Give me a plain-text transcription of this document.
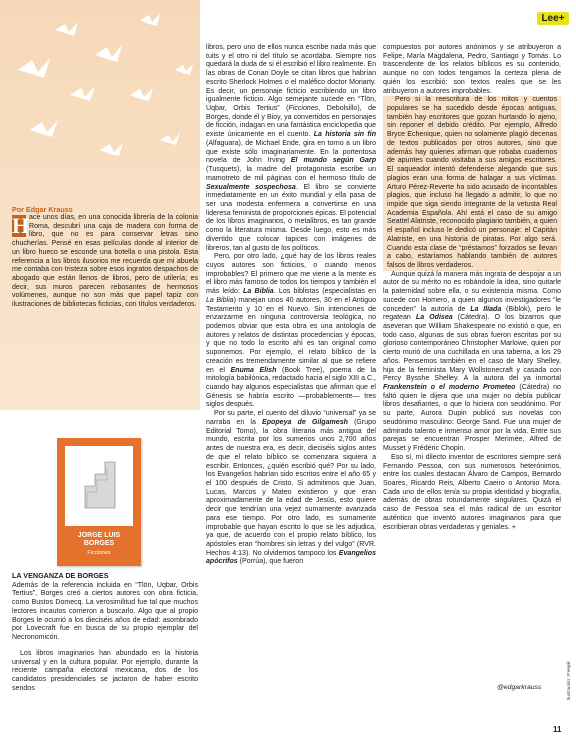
Lee+
Por Edgar Krauss

H ace unos días, en una conocida librería de la colonia Roma, descubrí una caja de madera con forma de libro, que no es para conservar letras sino chucherías. Pensé en esas películas donde al interior de un libro hueco se esconde una botella o una pistola. Esta referencia a los libros ilusorios me recuerda que mi abuela me contaba con tristeza sobre esos ingratos despachos de abogado que están llenos de libros, pero de utilería; es decir, sus muros parecen rebosantes de hermosos volúmenes, aunque no son más que papel tapiz con ilustraciones de bibliotecas ficticias, con títulos verdaderos.

JORGE LUIS BORGES
Ficciones
LA VENGANZA DE BORGES

Además de la referencia incluida en “Tlön, Uqbar, Orbis Tertius”, Borges creó a ciertos autores con obra ficticia, como Bustos Domecq. La verosimilitud fue tal que muchos lectores incautos corrieron a buscarlo. Algo que al propio Borges le ocurrió a los dieciséis años de edad: asombrado por Lovecraft fue en busca de su propio ejemplar del Necronomicón.

Los libros imaginarios han abundado en la historia universal y en la cultura popular. Por ejemplo, durante la reciente campaña electoral mexicana, dos de los candidatos presidenciales se jactaron de haber escrito sendos

libros, pero uno de ellos nunca escribe nada más que tuits y el otro ni del título se acordaba. Siempre nos quedará la duda de si él escribió el libro realmente. En las obras de Conan Doyle se citan libros que habrían escrito Sherlock Holmes o el maléfico doctor Moriarty. Es decir, un personaje ficticio escribiendo un libro igualmente ficticio. Algo semejante sucede en “Tlön, Uqbar, Orbis Tertius” (Ficciones, Debolsillo), de Borges, donde él y Bioy, ya convertidos en personajes de ficción, indagan en una fantástica enciclopedia que existe únicamente en el cuento. La historia sin fin (Alfaguara), de Michael Ende, gira en torno a un libro que existe sólo imaginariamente. En la portentosa novela de John Irving El mundo según Garp (Tusquets), la madre del protagonista escribe un mamotreto de mil páginas con el hermoso título de Sexualmente sospechosa. El libro se convierte inmediatamente en un éxito mundial y ella pasa de ser una modesta enfermera a convertirse en una lideresa feminista de proporciones épicas. El potencial de los libros imaginarios, o metalibros, es tan grande como la literatura misma. Desde luego, esto es más divertido que colocar tapices con imágenes de libreros, tan al gusto de los políticos.

Pero, por otro lado, ¿qué hay de los libros reales cuyos autores son ficticios, o cuando menos improbables? El primero que me viene a la mente es el libro más famoso de todos los tiempos y también el más leído: La Biblia. Los biblistas (especialistas en La Biblia) manejan unos 40 autores, 30 en el Antiguo Testamento y 10 en el Nuevo. Sin intenciones de enzarzarme en ninguna controversia teológica, no podemos obviar que esta obra es una antología de autores y relatos de distintas procedencias y épocas, y que no todo lo escrito ahí es tan original como suponemos. Por ejemplo, el relato bíblico de la creación es tremendamente similar al que se refiere en el Enuma Elish (Book Tree), poema de la mitología babilónica, redactado hacia el siglo XIII a.C., cuando hay algunos especialistas que afirman que el Génesis se habría escrito —probablemente— tres siglos después.

Por su parte, el cuento del diluvio “universal” ya se narraba en la Epopeya de Gilgamesh (Grupo Editorial Tomo), la obra literaria más antigua del mundo, escrita por los sumerios unos 2,700 años antes de nuestra era, es decir, dieciséis siglos antes de que el relato bíblico se comenzara siquiera a escribir. Entonces, ¿quién escribió qué? Por su lado, los Evangelios habrían sido escritos entre el año 65 y el 100 después de Cristo. Si admitimos que Juan, Lucas, Marcos y Mateo existieron y que eran aproximadamente de la edad de Jesús, esto quiere decir que tendrían una vejez sumamente avanzada para ese tiempo. Por otro lado, es sumamente improbable que hayan escrito lo que se les adjudica, ya que, de acuerdo con el propio relato bíblico, los apóstoles eran “hombres sin letras y del vulgo” (RVR. Hechos 4:13). No olvidemos tampoco los Evangelios apócrifos (Porrúa), que fueron

compuestos por autores anónimos y se atribuyeron a Felipe, María Magdalena, Pedro, Santiago y Tomás. Lo trascendente de los relatos bíblicos es su contenido, aunque no con todos tengamos la certeza plena de quién los escribió: son textos reales que se les atribuyeron a autores improbables.

Pero si la reescritura de los mitos y cuentos populares se ha sucedido desde épocas antiguas, también hay escritores que gozan hurtando lo ajeno, sin reponer el debido crédito. Por ejemplo, Alfredo Bryce Echenique, quien no solamente plagió decenas de textos publicados por otros autores, sino que además hay quienes afirman que robaba cuadernos de apuntes cuando visitaba a sus amigos escritores. El saqueador intentó defenderse alegando que sus plagios eran una forma de halagar a sus víctimas. Arturo Pérez-Reverte ha sido acusado de incontables plagios, que incluso ha llegado a admitir, lo que no impide que siga siendo integrante de la vetusta Real Academia Española. Ahí está el caso de su amigo Seattel Alatriste, reconocido plagiario también, a quien el español incluso le dedicó un personaje: el Capitán Alatriste, en una historia de piratas. Por algo será. Cuando esta clase de “préstamos” forzados se llevan a cabo, estaríamos hablando también de autores falsos de libros verdaderos.

Aunque quizá la manera más ingrata de despojar a un autor de su mérito no es robándole la idea, sino quitarle la paternidad sobre ella, o su existencia misma. Como sucede con Homero, a quien algunos investigadores “le conceden” la autoría de La Ilíada (Biblok), pero le regatean La Odisea (Cátedra). O los bizarros que aseveran que William Shakespeare no existió o que, en todo caso, algunas de sus obras fueron escritas por su glorioso contemporáneo Christopher Marlowe, quien por cierto murió de una cuchillada en una taberna, a los 29 años. Pensemos también en el caso de Mary Shelley, hija de la feminista Mary Wollstonecraft y casada con Percy Bysshe Shelley. A la autora del ya inmortal Frankenstein o el moderno Prometeo (Cátedra) no faltó quien le dijera que una mujer no debía publicar libros desafiantes, o que lo hiciera con seudónimo. Por su parte, Aurora Dupin publicó sus novelas con seudónimo masculino: George Sand. Fue una mujer de admirado talento e inmenso amor por la vida. Entre sus parejas se encuentran Prosper Merimée, Alfred de Musset y Frédéric Chopin.

Eso sí, mi dilecto inventor de escritores siempre será Fernando Pessoa, con sus numerosos heterónimos, entre los cuales destacan Álvaro de Campos, Bernardo Soares, Ricardo Reis, Alberto Caeiro o Antonio Mora. Cada uno de ellos tenía su propia identidad y biografía, además de obras rotundamente singulares. Quizá el caso de Pessoa sea el más radical de un escritor auténtico que inventó autores imaginarios para que escribieran obras verdaderas y geniales. +

@edgarkrauss	Ilustración: Freepik
11
